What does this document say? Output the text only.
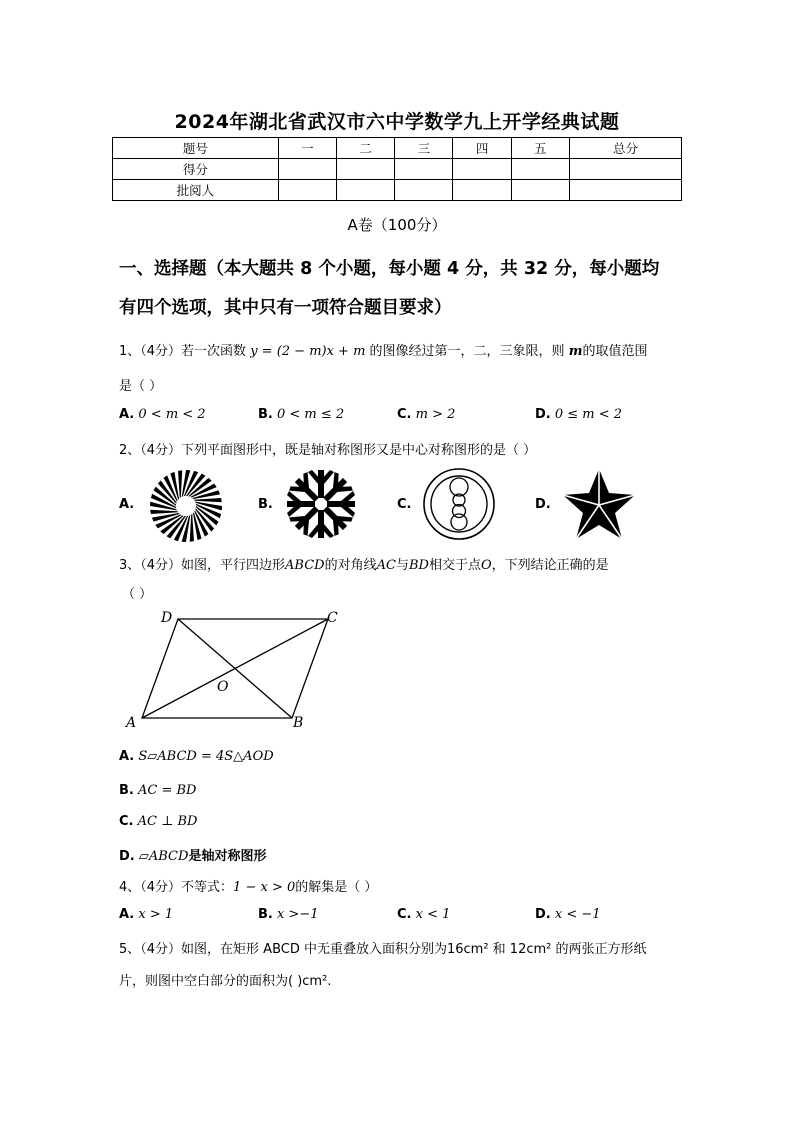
2024年湖北省武汉市六中学数学九上开学经典试题
题号	一	二	三	四	五	总分
得分						
批阅人						
A卷（100分）
一、选择题（本大题共 8 个小题，每小题 4 分，共 32 分，每小题均
有四个选项，其中只有一项符合题目要求）
1、（4分）若一次函数 y = (2 − m)x + m 的图像经过第一，二，三象限，则 m的取值范围
是（ ）
A. 0 < m < 2	B. 0 < m ≤ 2	C. m > 2	D. 0 ≤ m < 2
2、（4分）下列平面图形中，既是轴对称图形又是中心对称图形的是（ ）
A.	B.	C.	D.
3、（4分）如图，平行四边形ABCD的对角线AC与BD相交于点O，下列结论正确的是
（ ）
A	B
C
D
O
A. S▱ABCD = 4S△AOD
B. AC = BD
C. AC ⊥ BD
D. ▱ABCD是轴对称图形
4、（4分）不等式：1 − x > 0的解集是（ ）
A. x > 1	B. x >−1	C. x < 1	D. x < −1
5、（4分）如图，在矩形 ABCD 中无重叠放入面积分别为16cm² 和 12cm² 的两张正方形纸
片，则图中空白部分的面积为( )cm².
